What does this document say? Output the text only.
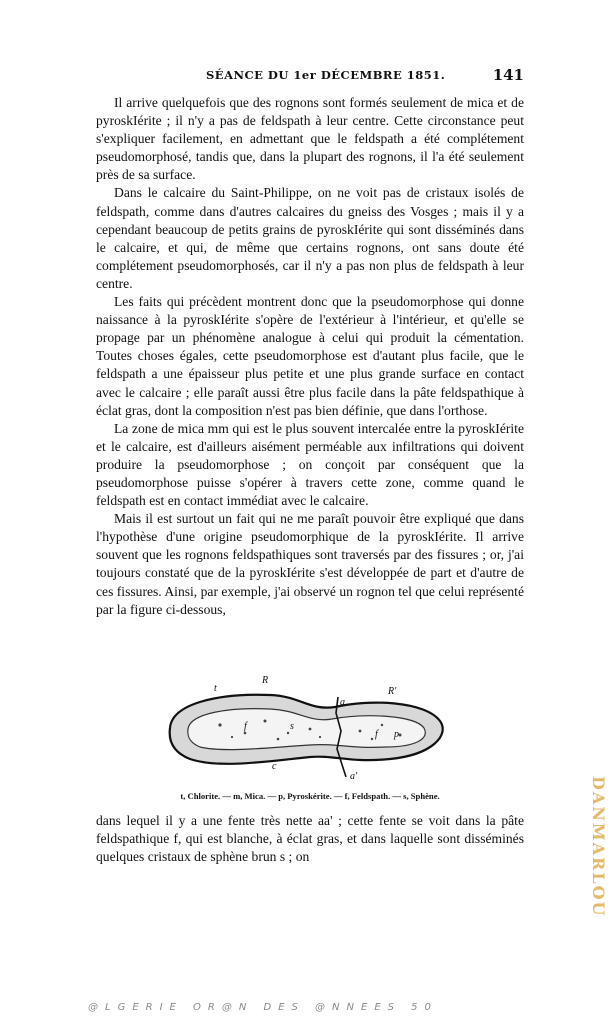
SÉANCE DU 1er DÉCEMBRE 1851.	141

Il arrive quelquefois que des rognons sont formés seulement de mica et de pyroskIérite ; il n'y a pas de feldspath à leur centre. Cette circonstance peut s'expliquer facilement, en admettant que le feldspath a été complétement pseudomorphosé, tandis que, dans la plupart des rognons, il l'a été seulement près de sa surface.

Dans le calcaire du Saint-Philippe, on ne voit pas de cristaux isolés de feldspath, comme dans d'autres calcaires du gneiss des Vosges ; mais il y a cependant beaucoup de petits grains de pyroskIérite qui sont disséminés dans le calcaire, et qui, de même que certains rognons, ont sans doute été complétement pseudomorphosés, car il n'y a pas non plus de feldspath à leur centre.

Les faits qui précèdent montrent donc que la pseudomorphose qui donne naissance à la pyroskIérite s'opère de l'extérieur à l'intérieur, et qu'elle se propage par un phénomène analogue à celui qui produit la cémentation. Toutes choses égales, cette pseudomorphose est d'autant plus facile, que le feldspath a une épaisseur plus petite et une plus grande surface en contact avec le calcaire ; elle paraît aussi être plus facile dans la pâte feldspathique à éclat gras, dont la composition n'est pas bien définie, que dans l'orthose.

La zone de mica mm qui est le plus souvent intercalée entre la pyroskIérite et le calcaire, est d'ailleurs aisément perméable aux infiltrations qui doivent produire la pseudomorphose ; on conçoit par conséquent que la pseudomorphose puisse s'opérer à travers cette zone, comme quand le feldspath est en contact immédiat avec le calcaire.

Mais il est surtout un fait qui ne me paraît pouvoir être expliqué que dans l'hypothèse d'une origine pseudomorphique de la pyroskIérite. Il arrive souvent que les rognons feldspathiques sont traversés par des fissures ; or, j'ai toujours constaté que de la pyroskIérite s'est développée de part et d'autre de ces fissures. Ainsi, par exemple, j'ai observé un rognon tel que celui représenté par la figure ci-dessous,

R
R'
t
a
a'
f
f p
s
c
t, Chlorite. — m, Mica. — p, Pyroskérite. — f, Feldspath. — s, Sphène.

dans lequel il y a une fente très nette aa' ; cette fente se voit dans la pâte feldspathique f, qui est blanche, à éclat gras, et dans laquelle sont disséminés quelques cristaux de sphène brun s ; on

@LGERIE OR@N DES @NNEES 50
DANMARLOU
